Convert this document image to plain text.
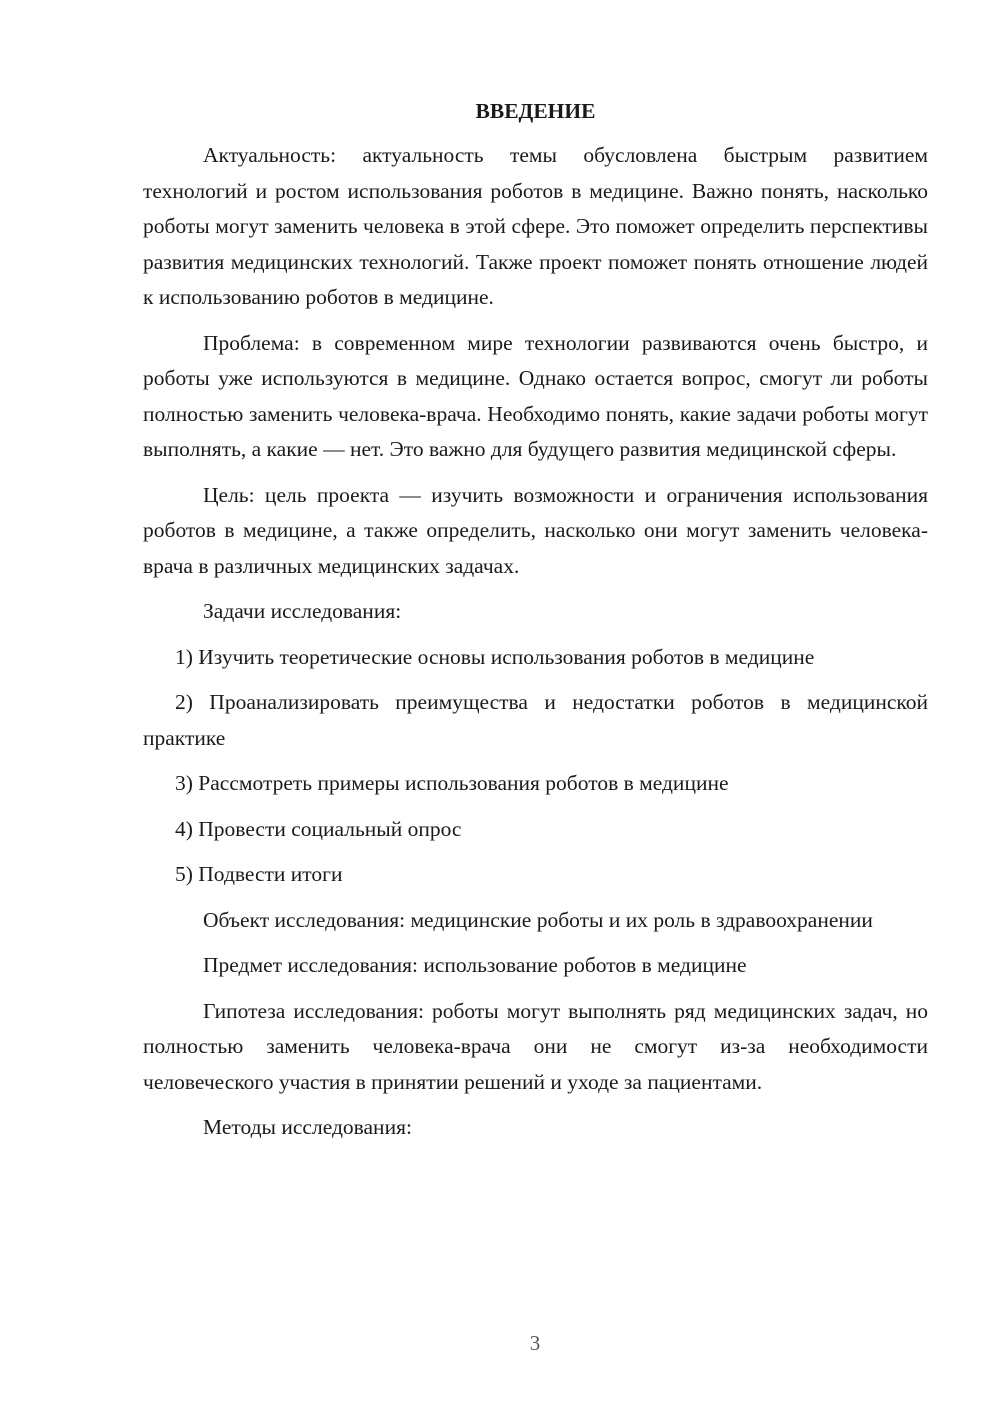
ВВЕДЕНИЕ

Актуальность: актуальность темы обусловлена быстрым развитием технологий и ростом использования роботов в медицине. Важно понять, насколько роботы могут заменить человека в этой сфере. Это поможет определить перспективы развития медицинских технологий. Также проект поможет понять отношение людей к использованию роботов в медицине.

Проблема: в современном мире технологии развиваются очень быстро, и роботы уже используются в медицине. Однако остается вопрос, смогут ли роботы полностью заменить человека-врача. Необходимо понять, какие задачи роботы могут выполнять, а какие — нет. Это важно для будущего развития медицинской сферы.

Цель: цель проекта — изучить возможности и ограничения использования роботов в медицине, а также определить, насколько они могут заменить человека-врача в различных медицинских задачах.

Задачи исследования:

1) Изучить теоретические основы использования роботов в медицине

2) Проанализировать преимущества и недостатки роботов в медицинской практике

3) Рассмотреть примеры использования роботов в медицине

4) Провести социальный опрос

5) Подвести итоги

Объект исследования: медицинские роботы и их роль в здравоохранении

Предмет исследования: использование роботов в медицине

Гипотеза исследования: роботы могут выполнять ряд медицинских задач, но полностью заменить человека-врача они не смогут из-за необходимости человеческого участия в принятии решений и уходе за пациентами.

Методы исследования:

3
